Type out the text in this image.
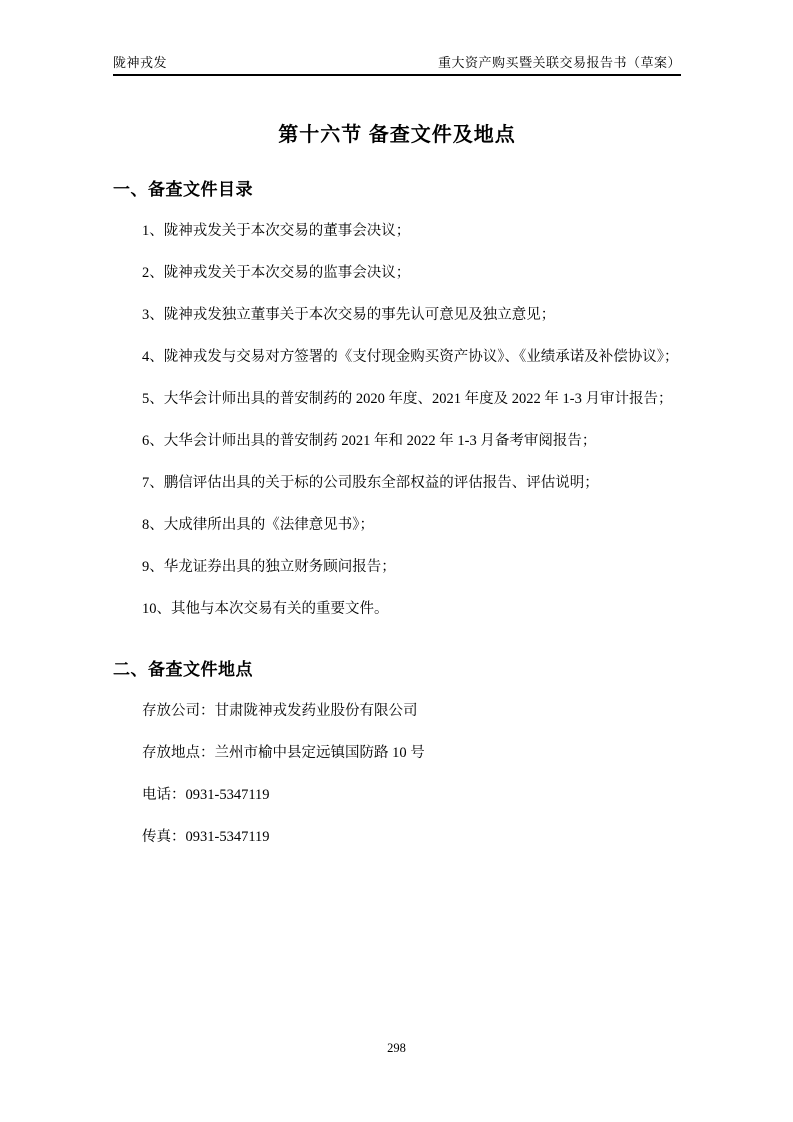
陇神戎发	重大资产购买暨关联交易报告书（草案）
第十六节 备查文件及地点
一、备查文件目录

1、陇神戎发关于本次交易的董事会决议；

2、陇神戎发关于本次交易的监事会决议；

3、陇神戎发独立董事关于本次交易的事先认可意见及独立意见；

4、陇神戎发与交易对方签署的《支付现金购买资产协议》、《业绩承诺及补偿协议》；

5、大华会计师出具的普安制药的 2020 年度、2021 年度及 2022 年 1-3 月审计报告；

6、大华会计师出具的普安制药 2021 年和 2022 年 1-3 月备考审阅报告；

7、鹏信评估出具的关于标的公司股东全部权益的评估报告、评估说明；

8、大成律所出具的《法律意见书》；

9、华龙证券出具的独立财务顾问报告；

10、其他与本次交易有关的重要文件。

二、备查文件地点

存放公司：甘肃陇神戎发药业股份有限公司

存放地点：兰州市榆中县定远镇国防路 10 号

电话：0931-5347119

传真：0931-5347119

298
